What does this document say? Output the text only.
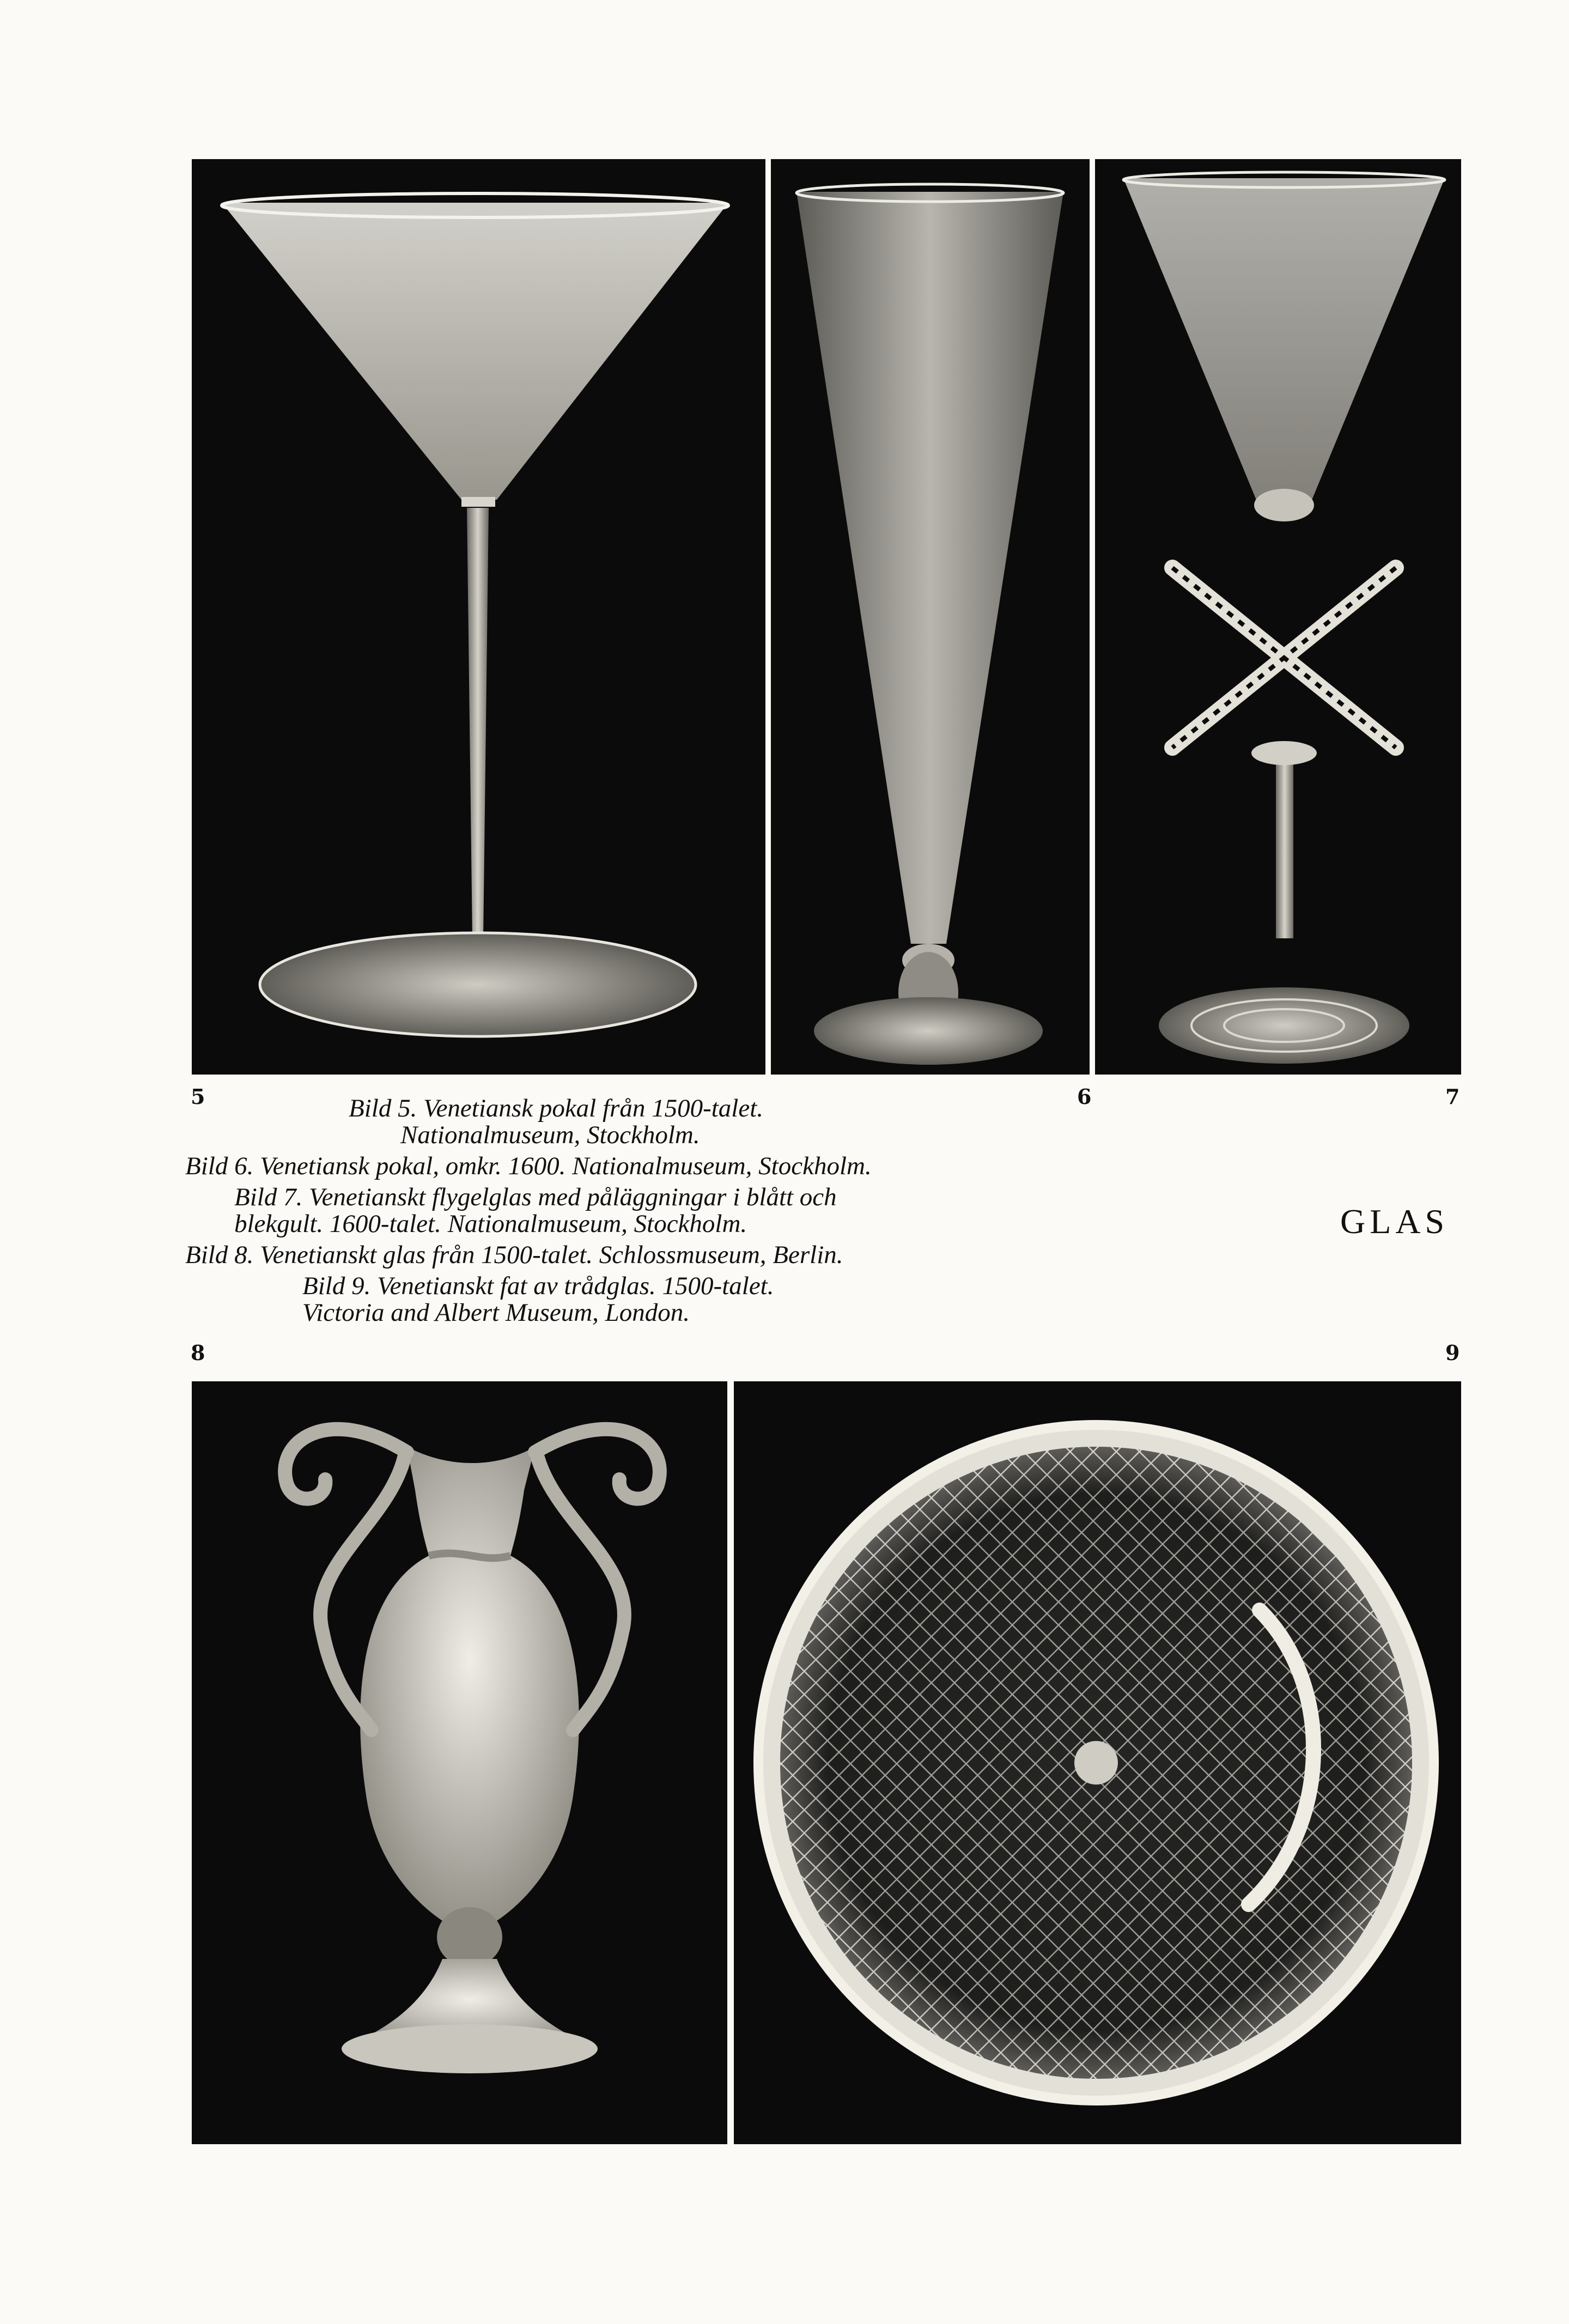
5	6	7
Bild 5. Venetiansk pokal från 1500-talet.
Nationalmuseum, Stockholm.
Bild 6. Venetiansk pokal, omkr. 1600. Nationalmuseum, Stockholm.
Bild 7. Venetianskt flygelglas med påläggningar i blått och
blekgult. 1600-talet. Nationalmuseum, Stockholm.
Bild 8. Venetianskt glas från 1500-talet. Schlossmuseum, Berlin.
Bild 9. Venetianskt fat av trådglas. 1500-talet.
Victoria and Albert Museum, London.
GLAS
8	9
